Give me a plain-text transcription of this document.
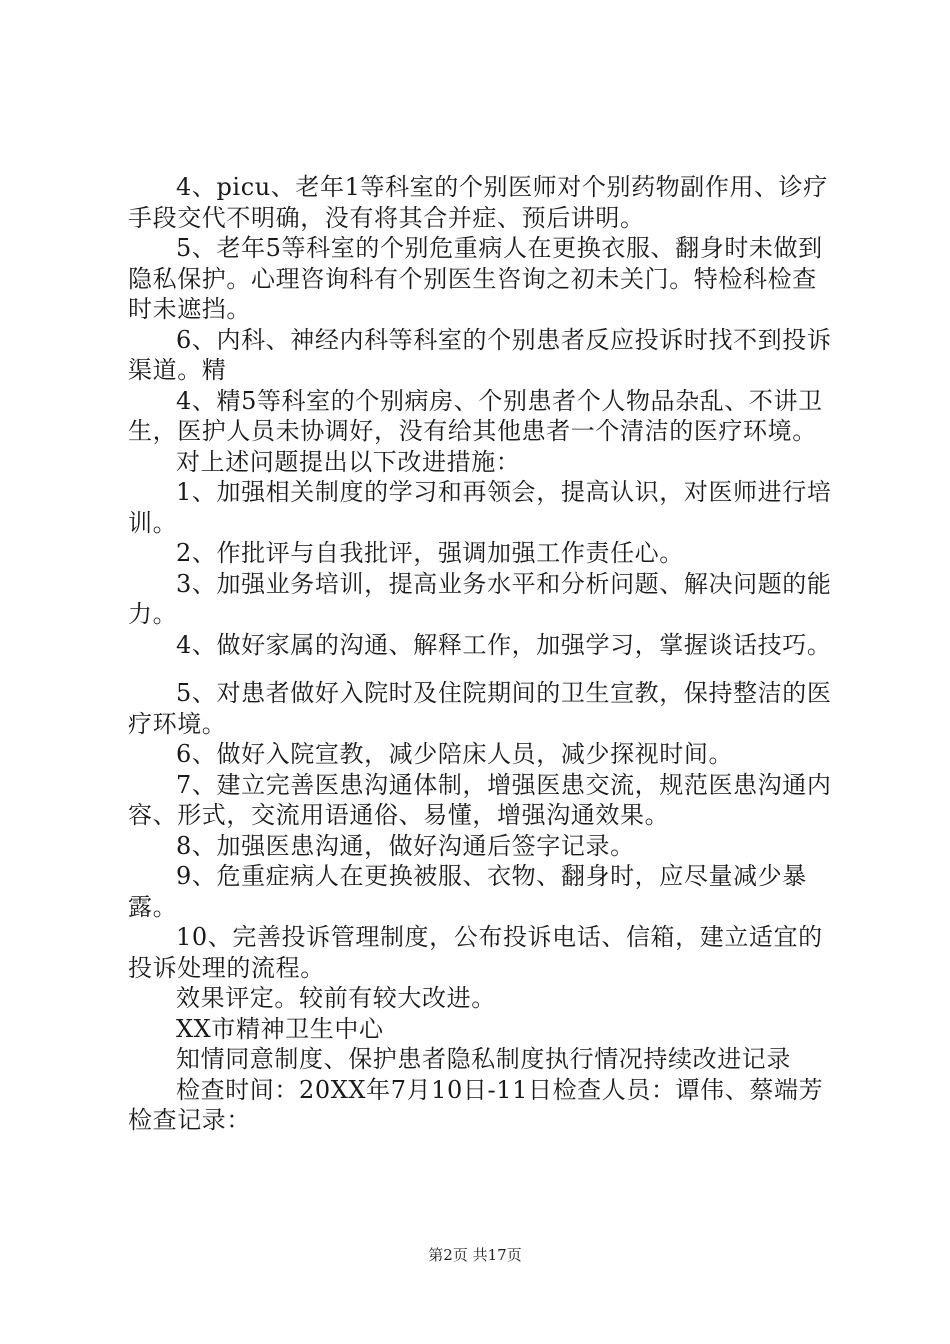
4、picu、老年1等科室的个别医师对个别药物副作用、诊疗手段交代不明确，没有将其合并症、预后讲明。

5、老年5等科室的个别危重病人在更换衣服、翻身时未做到隐私保护。心理咨询科有个别医生咨询之初未关门。特检科检查时未遮挡。

6、内科、神经内科等科室的个别患者反应投诉时找不到投诉渠道。精

4、精5等科室的个别病房、个别患者个人物品杂乱、不讲卫生，医护人员未协调好，没有给其他患者一个清洁的医疗环境。

对上述问题提出以下改进措施：

1、加强相关制度的学习和再领会，提高认识，对医师进行培训。

2、作批评与自我批评，强调加强工作责任心。

3、加强业务培训，提高业务水平和分析问题、解决问题的能力。

4、做好家属的沟通、解释工作，加强学习，掌握谈话技巧。

5、对患者做好入院时及住院期间的卫生宣教，保持整洁的医疗环境。

6、做好入院宣教，减少陪床人员，减少探视时间。

7、建立完善医患沟通体制，增强医患交流，规范医患沟通内容、形式，交流用语通俗、易懂，增强沟通效果。

8、加强医患沟通，做好沟通后签字记录。

9、危重症病人在更换被服、衣物、翻身时，应尽量减少暴露。

10、完善投诉管理制度，公布投诉电话、信箱，建立适宜的投诉处理的流程。

效果评定。较前有较大改进。

XX市精神卫生中心

知情同意制度、保护患者隐私制度执行情况持续改进记录

检查时间：20XX年7月10日-11日检查人员：谭伟、蔡端芳检查记录：

第2页 共17页
